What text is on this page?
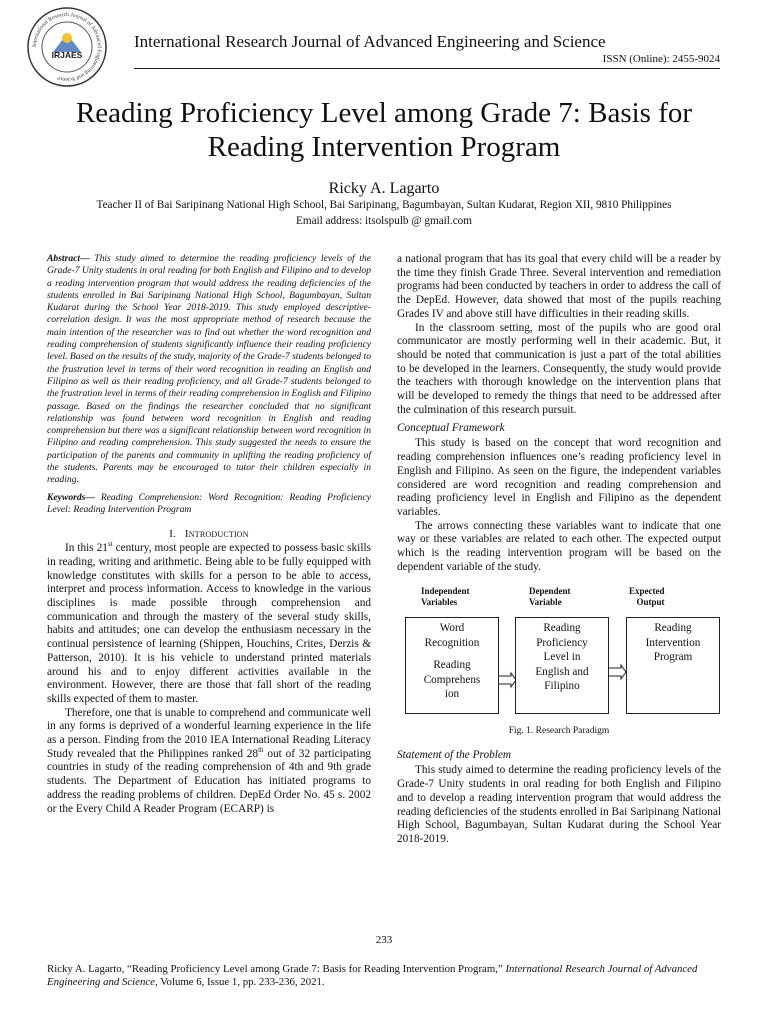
International Research Journal of Advanced Engineering and Science
IRJAES
International Research Journal of Advanced Engineering and Science
ISSN (Online): 2455-9024
Reading Proficiency Level among Grade 7: Basis for
Reading Intervention Program
Ricky A. Lagarto
Teacher II of Bai Saripinang National High School, Bai Saripinang, Bagumbayan, Sultan Kudarat, Region XII, 9810 Philippines
Email address: itsolspulb @ gmail.com

Abstract— This study aimed to determine the reading proficiency levels of the Grade-7 Unity students in oral reading for both English and Filipino and to develop a reading intervention program that would address the reading deficiencies of the students enrolled in Bai Saripinang National High School, Bagumbayan, Sultan Kudarat during the School Year 2018-2019. This study employed descriptive-correlation design. It was the most appropriate method of research because the main intention of the researcher was to find out whether the word recognition and reading comprehension of students significantly influence their reading proficiency level. Based on the results of the study, majority of the Grade-7 students belonged to the frustration level in terms of their word recognition in reading an English and Filipino as well as their reading proficiency, and all Grade-7 students belonged to the frustration level in terms of their reading comprehension in English and Filipino passage. Based on the findings the researcher concluded that no significant relationship was found between word recognition in English and reading comprehension but there was a significant relationship between word recognition in Filipino and reading comprehension. This study suggested the needs to ensure the participation of the parents and community in uplifting the reading proficiency of the students. Parents may be encouraged to tutor their children especially in reading.

Keywords— Reading Comprehension: Word Recognition: Reading Proficiency Level: Reading Intervention Program

I. Introduction

In this 21st century, most people are expected to possess basic skills in reading, writing and arithmetic. Being able to be fully equipped with knowledge constitutes with skills for a person to be able to access, interpret and process information. Access to knowledge in the various disciplines is made possible through comprehension and communication and through the mastery of the several study skills, habits and attitudes; one can develop the enthusiasm necessary in the continual persistence of learning (Shippen, Houchins, Crites, Derzis & Patterson, 2010). It is his vehicle to understand printed materials around his and to enjoy different activities available in the environment. However, there are those that fall short of the reading skills expected of them to master.

Therefore, one that is unable to comprehend and communicate well in any forms is deprived of a wonderful learning experience in the life as a person. Finding from the 2010 IEA International Reading Literacy Study revealed that the Philippines ranked 28th out of 32 participating countries in study of the reading comprehension of 4th and 9th grade students. The Department of Education has initiated programs to address the reading problems of children. DepEd Order No. 45 s. 2002 or the Every Child A Reader Program (ECARP) is

a national program that has its goal that every child will be a reader by the time they finish Grade Three. Several intervention and remediation programs had been conducted by teachers in order to address the call of the DepEd. However, data showed that most of the pupils reaching Grades IV and above still have difficulties in their reading skills.

In the classroom setting, most of the pupils who are good oral communicator are mostly performing well in their academic. But, it should be noted that communication is just a part of the total abilities to be developed in the learners. Consequently, the study would provide the teachers with thorough knowledge on the intervention plans that will be developed to remedy the things that need to be addressed after the culmination of this research pursuit.

Conceptual Framework

This study is based on the concept that word recognition and reading comprehension influences one’s reading proficiency level in English and Filipino. As seen on the figure, the independent variables considered are word recognition and reading comprehension and reading proficiency level in English and Filipino as the dependent variables.

The arrows connecting these variables want to indicate that one way or these variables are related to each other. The expected output which is the reading intervention program will be based on the dependent variable of the study.

Independent
Variables
Dependent
Variable
Expected
Output
Word
Recognition
Reading
Comprehens
ion
Reading
Proficiency
Level in
English and
Filipino
Reading
Intervention
Program
Fig. 1. Research Paradigm
Statement of the Problem

This study aimed to determine the reading proficiency levels of the Grade-7 Unity students in oral reading for both English and Filipino and to develop a reading intervention program that would address the reading deficiencies of the students enrolled in Bai Saripinang National High School, Bagumbayan, Sultan Kudarat during the School Year 2018-2019.

233
Ricky A. Lagarto, “Reading Proficiency Level among Grade 7: Basis for Reading Intervention Program,” International Research Journal of Advanced Engineering and Science, Volume 6, Issue 1, pp. 233-236, 2021.
